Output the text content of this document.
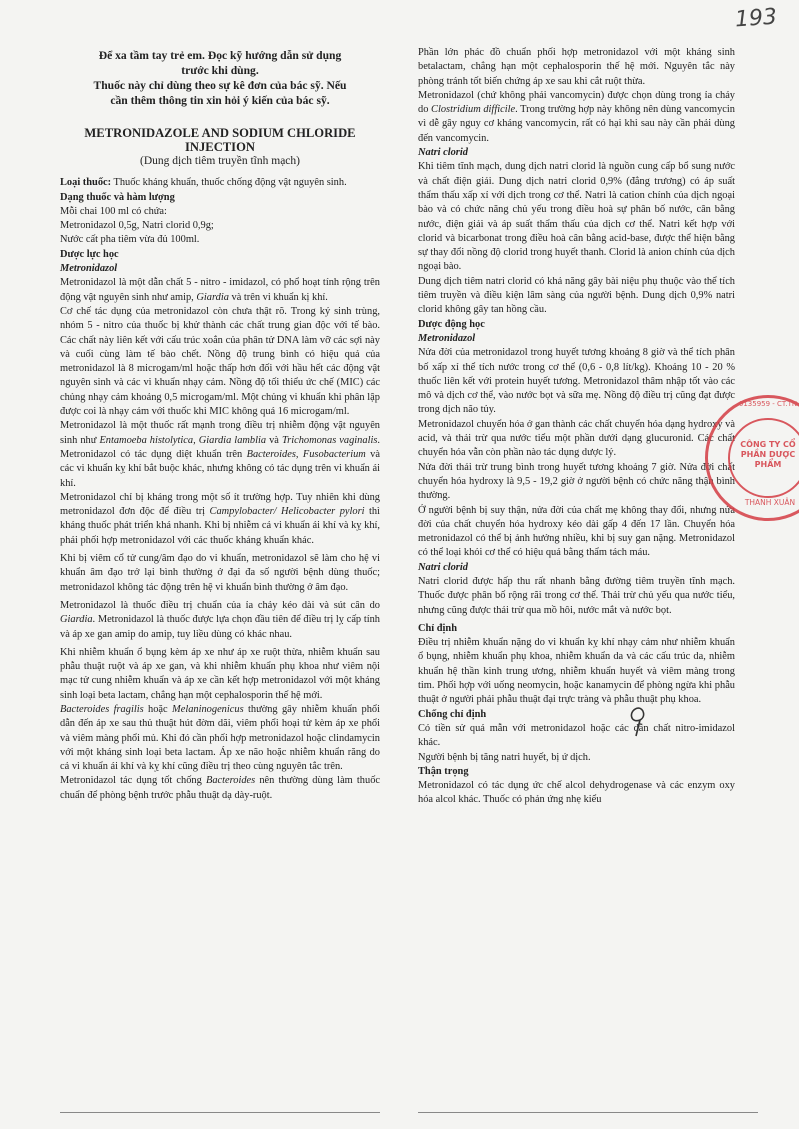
193

Để xa tầm tay trẻ em. Đọc kỹ hướng dẫn sử dụng
trước khi dùng.
Thuốc này chỉ dùng theo sự kê đơn của bác sỹ. Nếu
cần thêm thông tin xin hỏi ý kiến của bác sỹ.

METRONIDAZOLE AND SODIUM CHLORIDE
INJECTION

(Dung dịch tiêm truyền tĩnh mạch)

Loại thuốc: Thuốc kháng khuẩn, thuốc chống động vật nguyên sinh.

Dạng thuốc và hàm lượng

Mỗi chai 100 ml có chứa:

Metronidazol 0,5g, Natri clorid 0,9g;

Nước cất pha tiêm vừa đủ 100ml.

Dược lực học

Metronidazol

Metronidazol là một dẫn chất 5 - nitro - imidazol, có phổ hoạt tính rộng trên động vật nguyên sinh như amip, Giardia và trên vi khuẩn kị khí.

Cơ chế tác dụng của metronidazol còn chưa thật rõ. Trong ký sinh trùng, nhóm 5 - nitro của thuốc bị khử thành các chất trung gian độc với tế bào. Các chất này liên kết với cấu trúc xoắn của phân tử DNA làm vỡ các sợi này và cuối cùng làm tế bào chết. Nồng độ trung bình có hiệu quả của metronidazol là 8 microgam/ml hoặc thấp hơn đối với hầu hết các động vật nguyên sinh và các vi khuẩn nhạy cảm. Nồng độ tối thiểu ức chế (MIC) các chủng nhạy cảm khoảng 0,5 microgam/ml. Một chủng vi khuẩn khi phân lập được coi là nhạy cảm với thuốc khi MIC không quá 16 microgam/ml.

Metronidazol là một thuốc rất mạnh trong điều trị nhiễm động vật nguyên sinh như Entamoeba histolytica, Giardia lamblia và Trichomonas vaginalis. Metronidazol có tác dụng diệt khuẩn trên Bacteroides, Fusobacterium và các vi khuẩn kỵ khí bắt buộc khác, nhưng không có tác dụng trên vi khuẩn ái khí.

Metronidazol chỉ bị kháng trong một số ít trường hợp. Tuy nhiên khi dùng metronidazol đơn độc để điều trị Campylobacter/ Helicobacter pylori thì kháng thuốc phát triển khá nhanh. Khi bị nhiễm cả vi khuẩn ái khí và kỵ khí, phải phối hợp metronidazol với các thuốc kháng khuẩn khác.

Khi bị viêm cổ tử cung/âm đạo do vi khuẩn, metronidazol sẽ làm cho hệ vi khuẩn âm đạo trở lại bình thường ở đại đa số người bệnh dùng thuốc; metronidazol không tác động trên hệ vi khuẩn bình thường ở âm đạo.

Metronidazol là thuốc điều trị chuẩn của ỉa chảy kéo dài và sút cân do Giardia. Metronidazol là thuốc được lựa chọn đầu tiên để điều trị lỵ cấp tính và áp xe gan amip do amip, tuy liều dùng có khác nhau.

Khi nhiễm khuẩn ổ bụng kèm áp xe như áp xe ruột thừa, nhiễm khuẩn sau phẫu thuật ruột và áp xe gan, và khi nhiễm khuẩn phụ khoa như viêm nội mạc tử cung nhiễm khuẩn và áp xe cần kết hợp metronidazol với một kháng sinh loại beta lactam, chẳng hạn một cephalosporin thế hệ mới.

Bacteroides fragilis hoặc Melaninogenicus thường gây nhiễm khuẩn phổi dẫn đến áp xe sau thủ thuật hút đờm dãi, viêm phổi hoại tử kèm áp xe phổi và viêm màng phổi mủ. Khi đó cần phối hợp metronidazol hoặc clindamycin với một kháng sinh loại beta lactam. Áp xe não hoặc nhiễm khuẩn răng do cả vi khuẩn ái khí và kỵ khí cũng điều trị theo cùng nguyên tắc trên.

Metronidazol tác dụng tốt chống Bacteroides nên thường dùng làm thuốc chuẩn để phòng bệnh trước phẫu thuật dạ dày-ruột.

Phần lớn phác đồ chuẩn phối hợp metronidazol với một kháng sinh betalactam, chẳng hạn một cephalosporin thế hệ mới. Nguyên tắc này phòng tránh tốt biến chứng áp xe sau khi cắt ruột thừa.

Metronidazol (chứ không phải vancomycin) được chọn dùng trong ỉa chảy do Clostridium difficile. Trong trường hợp này không nên dùng vancomycin vì dễ gây nguy cơ kháng vancomycin, rất có hại khi sau này cần phải dùng đến vancomycin.

Natri clorid

Khi tiêm tĩnh mạch, dung dịch natri clorid là nguồn cung cấp bổ sung nước và chất điện giải. Dung dịch natri clorid 0,9% (đẳng trương) có áp suất thẩm thấu xấp xỉ với dịch trong cơ thể. Natri là cation chính của dịch ngoại bào và có chức năng chủ yếu trong điều hoà sự phân bố nước, cân bằng nước, điện giải và áp suất thẩm thấu của dịch cơ thể. Natri kết hợp với clorid và bicarbonat trong điều hoà cân bằng acid-base, được thể hiện bằng sự thay đổi nồng độ clorid trong huyết thanh. Clorid là anion chính của dịch ngoại bào.

Dung dịch tiêm natri clorid có khả năng gây bài niệu phụ thuộc vào thể tích tiêm truyền và điều kiện lâm sàng của người bệnh. Dung dịch 0,9% natri clorid không gây tan hồng cầu.

Dược động học

Metronidazol

Nửa đời của metronidazol trong huyết tương khoảng 8 giờ và thể tích phân bố xấp xỉ thể tích nước trong cơ thể (0,6 - 0,8 lít/kg). Khoảng 10 - 20 % thuốc liên kết với protein huyết tương. Metronidazol thâm nhập tốt vào các mô và dịch cơ thể, vào nước bọt và sữa mẹ. Nồng độ điều trị cũng đạt được trong dịch não tủy.

Metronidazol chuyển hóa ở gan thành các chất chuyển hóa dạng hydroxy và acid, và thải trừ qua nước tiểu một phần dưới dạng glucuronid. Các chất chuyển hóa vẫn còn phần nào tác dụng dược lý.

Nửa đời thải trừ trung bình trong huyết tương khoảng 7 giờ. Nửa đời chất chuyển hóa hydroxy là 9,5 - 19,2 giờ ở người bệnh có chức năng thận bình thường.

Ở người bệnh bị suy thận, nửa đời của chất mẹ không thay đổi, nhưng nửa đời của chất chuyển hóa hydroxy kéo dài gấp 4 đến 17 lần. Chuyển hóa metronidazol có thể bị ảnh hưởng nhiều, khi bị suy gan nặng. Metronidazol có thể loại khỏi cơ thể có hiệu quả bằng thẩm tách máu.

Natri clorid

Natri clorid được hấp thu rất nhanh bằng đường tiêm truyền tĩnh mạch. Thuốc được phân bố rộng rãi trong cơ thể. Thải trừ chủ yếu qua nước tiểu, nhưng cũng được thải trừ qua mồ hôi, nước mắt và nước bọt.

Chỉ định

Điều trị nhiễm khuẩn nặng do vi khuẩn kỵ khí nhạy cảm như nhiễm khuẩn ổ bụng, nhiễm khuẩn phụ khoa, nhiễm khuẩn da và các cấu trúc da, nhiễm khuẩn hệ thần kinh trung ương, nhiễm khuẩn huyết và viêm màng trong tim. Phối hợp với uống neomycin, hoặc kanamycin để phòng ngừa khi phẫu thuật ở người phải phẫu thuật đại trực tràng và phẫu thuật phụ khoa.

Chống chỉ định

Có tiền sử quá mẫn với metronidazol hoặc các dẫn chất nitro-imidazol khác.

Người bệnh bị tăng natri huyết, bị ứ dịch.

Thận trọng

Metronidazol có tác dụng ức chế alcol dehydrogenase và các enzym oxy hóa alcol khác. Thuốc có phản ứng nhẹ kiểu

0135959 - CT.TN
CÔNG TY CỔ PHẦN DƯỢC PHẨM
THANH XUÂN
